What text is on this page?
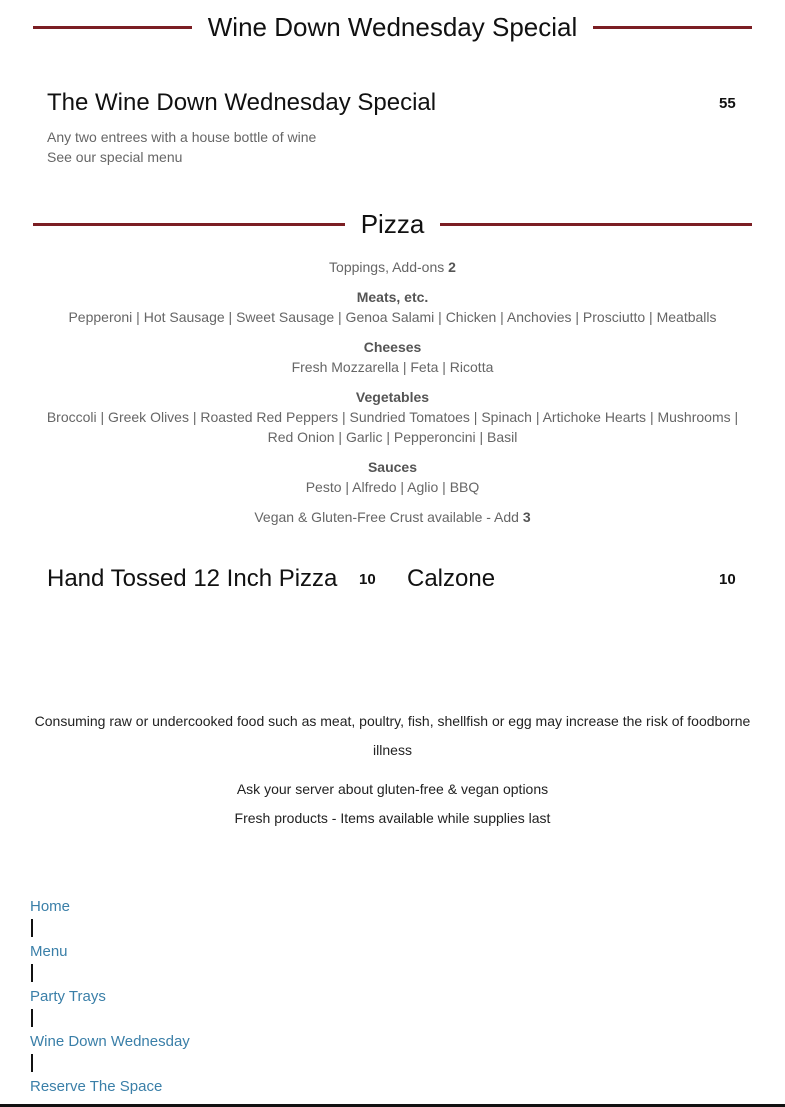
Wine Down Wednesday Special
The Wine Down Wednesday Special	55
Any two entrees with a house bottle of wine
See our special menu
Pizza
Toppings, Add-ons 2
Meats, etc.
Pepperoni | Hot Sausage | Sweet Sausage | Genoa Salami | Chicken | Anchovies | Prosciutto | Meatballs
Cheeses
Fresh Mozzarella | Feta | Ricotta
Vegetables
Broccoli | Greek Olives | Roasted Red Peppers | Sundried Tomatoes | Spinach | Artichoke Hearts | Mushrooms |
Red Onion | Garlic | Pepperoncini | Basil
Sauces
Pesto | Alfredo | Aglio | BBQ
Vegan & Gluten-Free Crust available - Add 3
Hand Tossed 12 Inch Pizza 10 Calzone	10
Consuming raw or undercooked food such as meat, poultry, fish, shellfish or egg may increase the risk of foodborne
illness
Ask your server about gluten-free & vegan options
Fresh products - Items available while supplies last
Home
Menu
Party Trays
Wine Down Wednesday
Reserve The Space
